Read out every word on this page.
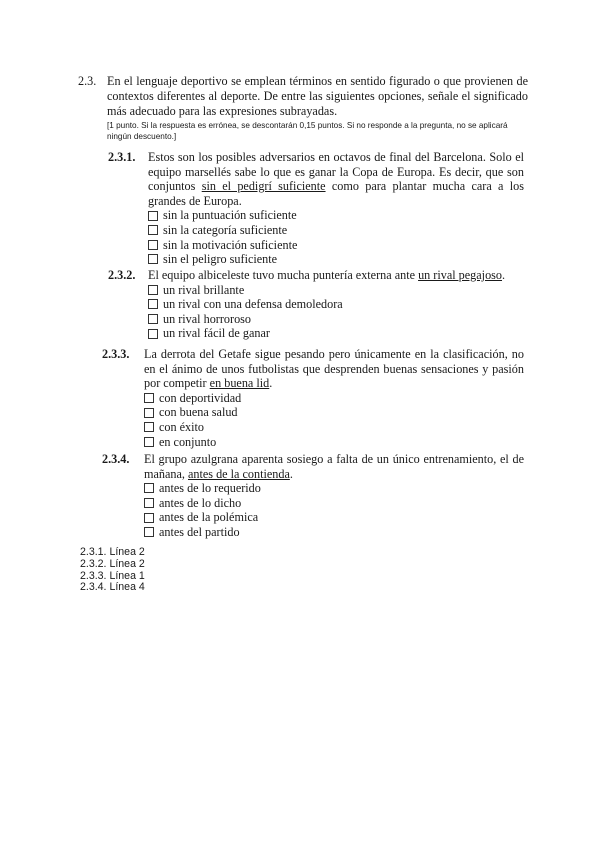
2.3. En el lenguaje deportivo se emplean términos en sentido figurado o que provienen de contextos diferentes al deporte. De entre las siguientes opciones, señale el significado más adecuado para las expresiones subrayadas.
[1 punto. Si la respuesta es errónea, se descontarán 0,15 puntos. Si no responde a la pregunta, no se aplicará ningún descuento.]
2.3.1. Estos son los posibles adversarios en octavos de final del Barcelona. Solo el equipo marsellés sabe lo que es ganar la Copa de Europa. Es decir, que son conjuntos sin el pedigrí suficiente como para plantar mucha cara a los grandes de Europa.
sin la puntuación suficiente
sin la categoría suficiente
sin la motivación suficiente
sin el peligro suficiente
2.3.2. El equipo albiceleste tuvo mucha puntería externa ante un rival pegajoso.
un rival brillante
un rival con una defensa demoledora
un rival horroroso
un rival fácil de ganar
2.3.3. La derrota del Getafe sigue pesando pero únicamente en la clasificación, no en el ánimo de unos futbolistas que desprenden buenas sensaciones y pasión por competir en buena lid.
con deportividad
con buena salud
con éxito
en conjunto
2.3.4. El grupo azulgrana aparenta sosiego a falta de un único entrenamiento, el de mañana, antes de la contienda.
antes de lo requerido
antes de lo dicho
antes de la polémica
antes del partido
2.3.1. Línea 2
2.3.2. Línea 2
2.3.3. Línea 1
2.3.4. Línea 4
